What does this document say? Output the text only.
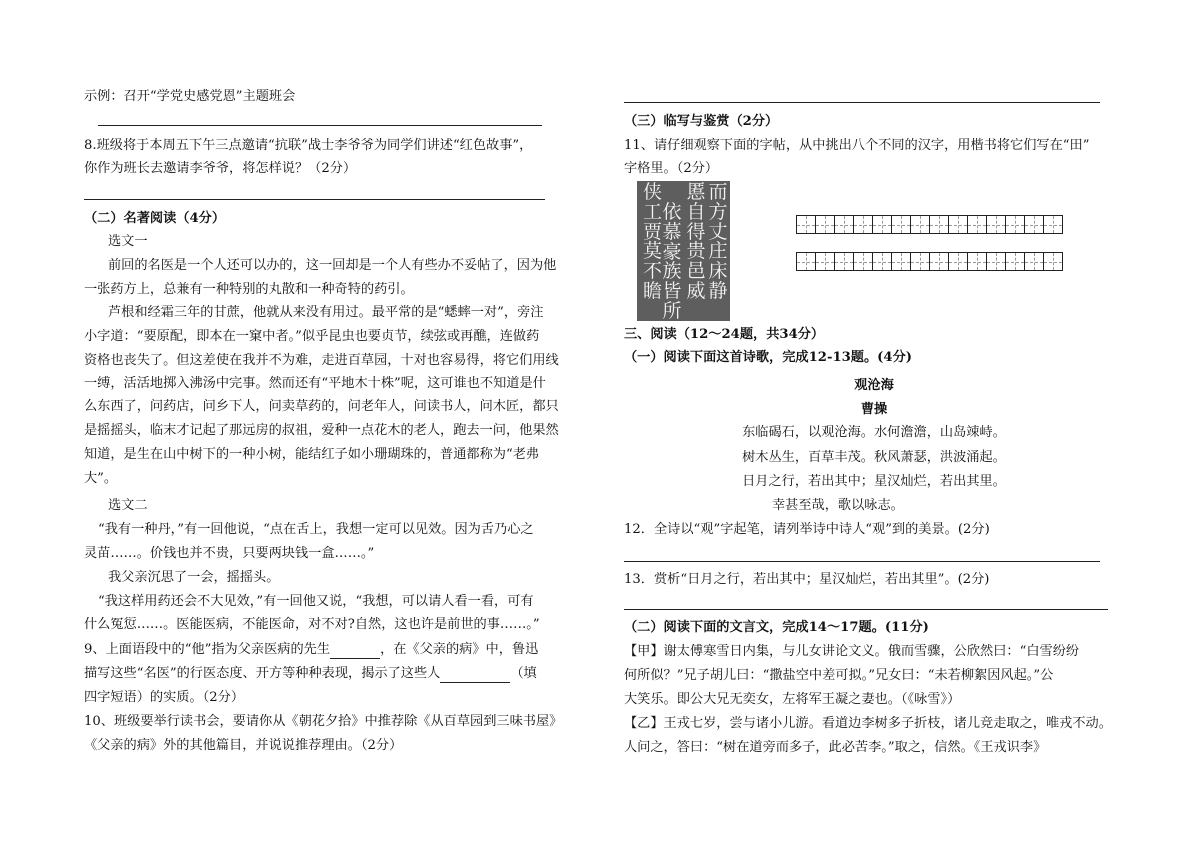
示例：召开“学党史感党恩”主题班会
8.班级将于本周五下午三点邀请“抗联”战士李爷爷为同学们讲述“红色故事”，
你作为班长去邀请李爷爷，将怎样说？（2分）
（二）名著阅读（4分）
选文一
前回的名医是一个人还可以办的，这一回却是一个人有些办不妥帖了，因为他
一张药方上，总兼有一种特别的丸散和一种奇特的药引。
芦根和经霜三年的甘蔗，他就从来没有用过。最平常的是“蟋蟀一对”，旁注
小字道：“要原配，即本在一窠中者。”似乎昆虫也要贞节，续弦或再醮，连做药
资格也丧失了。但这差使在我并不为难，走进百草园，十对也容易得，将它们用线
一缚，活活地掷入沸汤中完事。然而还有“平地木十株”呢，这可谁也不知道是什
么东西了，问药店，问乡下人，问卖草药的，问老年人，问读书人，问木匠，都只
是摇摇头，临末才记起了那远房的叔祖，爱种一点花木的老人，跑去一问，他果然
知道，是生在山中树下的一种小树，能结红子如小珊瑚珠的，普通都称为“老弗
大”。
选文二
“我有一种丹，”有一回他说，“点在舌上，我想一定可以见效。因为舌乃心之
灵苗……。价钱也并不贵，只要两块钱一盒……。”
我父亲沉思了一会，摇摇头。
“我这样用药还会不大见效，”有一回他又说，“我想，可以请人看一看，可有
什么冤愆……。医能医病，不能医命，对不对?自然，这也许是前世的事……。”
9、上面语段中的“他”指为父亲医病的先生	，在《父亲的病》中，鲁迅
描写这些“名医”的行医态度、开方等种种表现，揭示了这些人	（填
四字短语）的实质。（2分）
10、班级要举行读书会，要请你从《朝花夕拾》中推荐除《从百草园到三味书屋》
《父亲的病》外的其他篇目，并说说推荐理由。（2分）
（三）临写与鉴赏（2分）
11、请仔细观察下面的字帖，从中挑出八个不同的汉字，用楷书将它们写在“田”
字格里。（2分）
侠
工
贾
莫
不
瞻
依
慕
豪
族
皆
所
慝
自
得
贵
邑
威
而
方
丈
庄
床
静
三、阅读（12～24题，共34分）
（一）阅读下面这首诗歌，完成12-13题。(4分)
观沧海
曹操
东临碣石，以观沧海。水何澹澹，山岛竦峙。
树木丛生，百草丰茂。秋风萧瑟，洪波涌起。
日月之行，若出其中；星汉灿烂，若出其里。
幸甚至哉，歌以咏志。
12．全诗以“观”字起笔，请列举诗中诗人“观”到的美景。(2分)
13．赏析“日月之行，若出其中；星汉灿烂，若出其里”。(2分)
（二）阅读下面的文言文，完成14～17题。(11分)
【甲】谢太傅寒雪日内集，与儿女讲论文义。俄而雪骤，公欣然曰：“白雪纷纷
何所似？”兄子胡儿曰：“撒盐空中差可拟。”兄女曰：“未若柳絮因风起。”公
大笑乐。即公大兄无奕女，左将军王凝之妻也。（《咏雪》）
【乙】王戎七岁，尝与诸小儿游。看道边李树多子折枝，诸儿竞走取之，唯戎不动。
人问之，答曰：“树在道旁而多子，此必苦李。”取之，信然。《王戎识李》
